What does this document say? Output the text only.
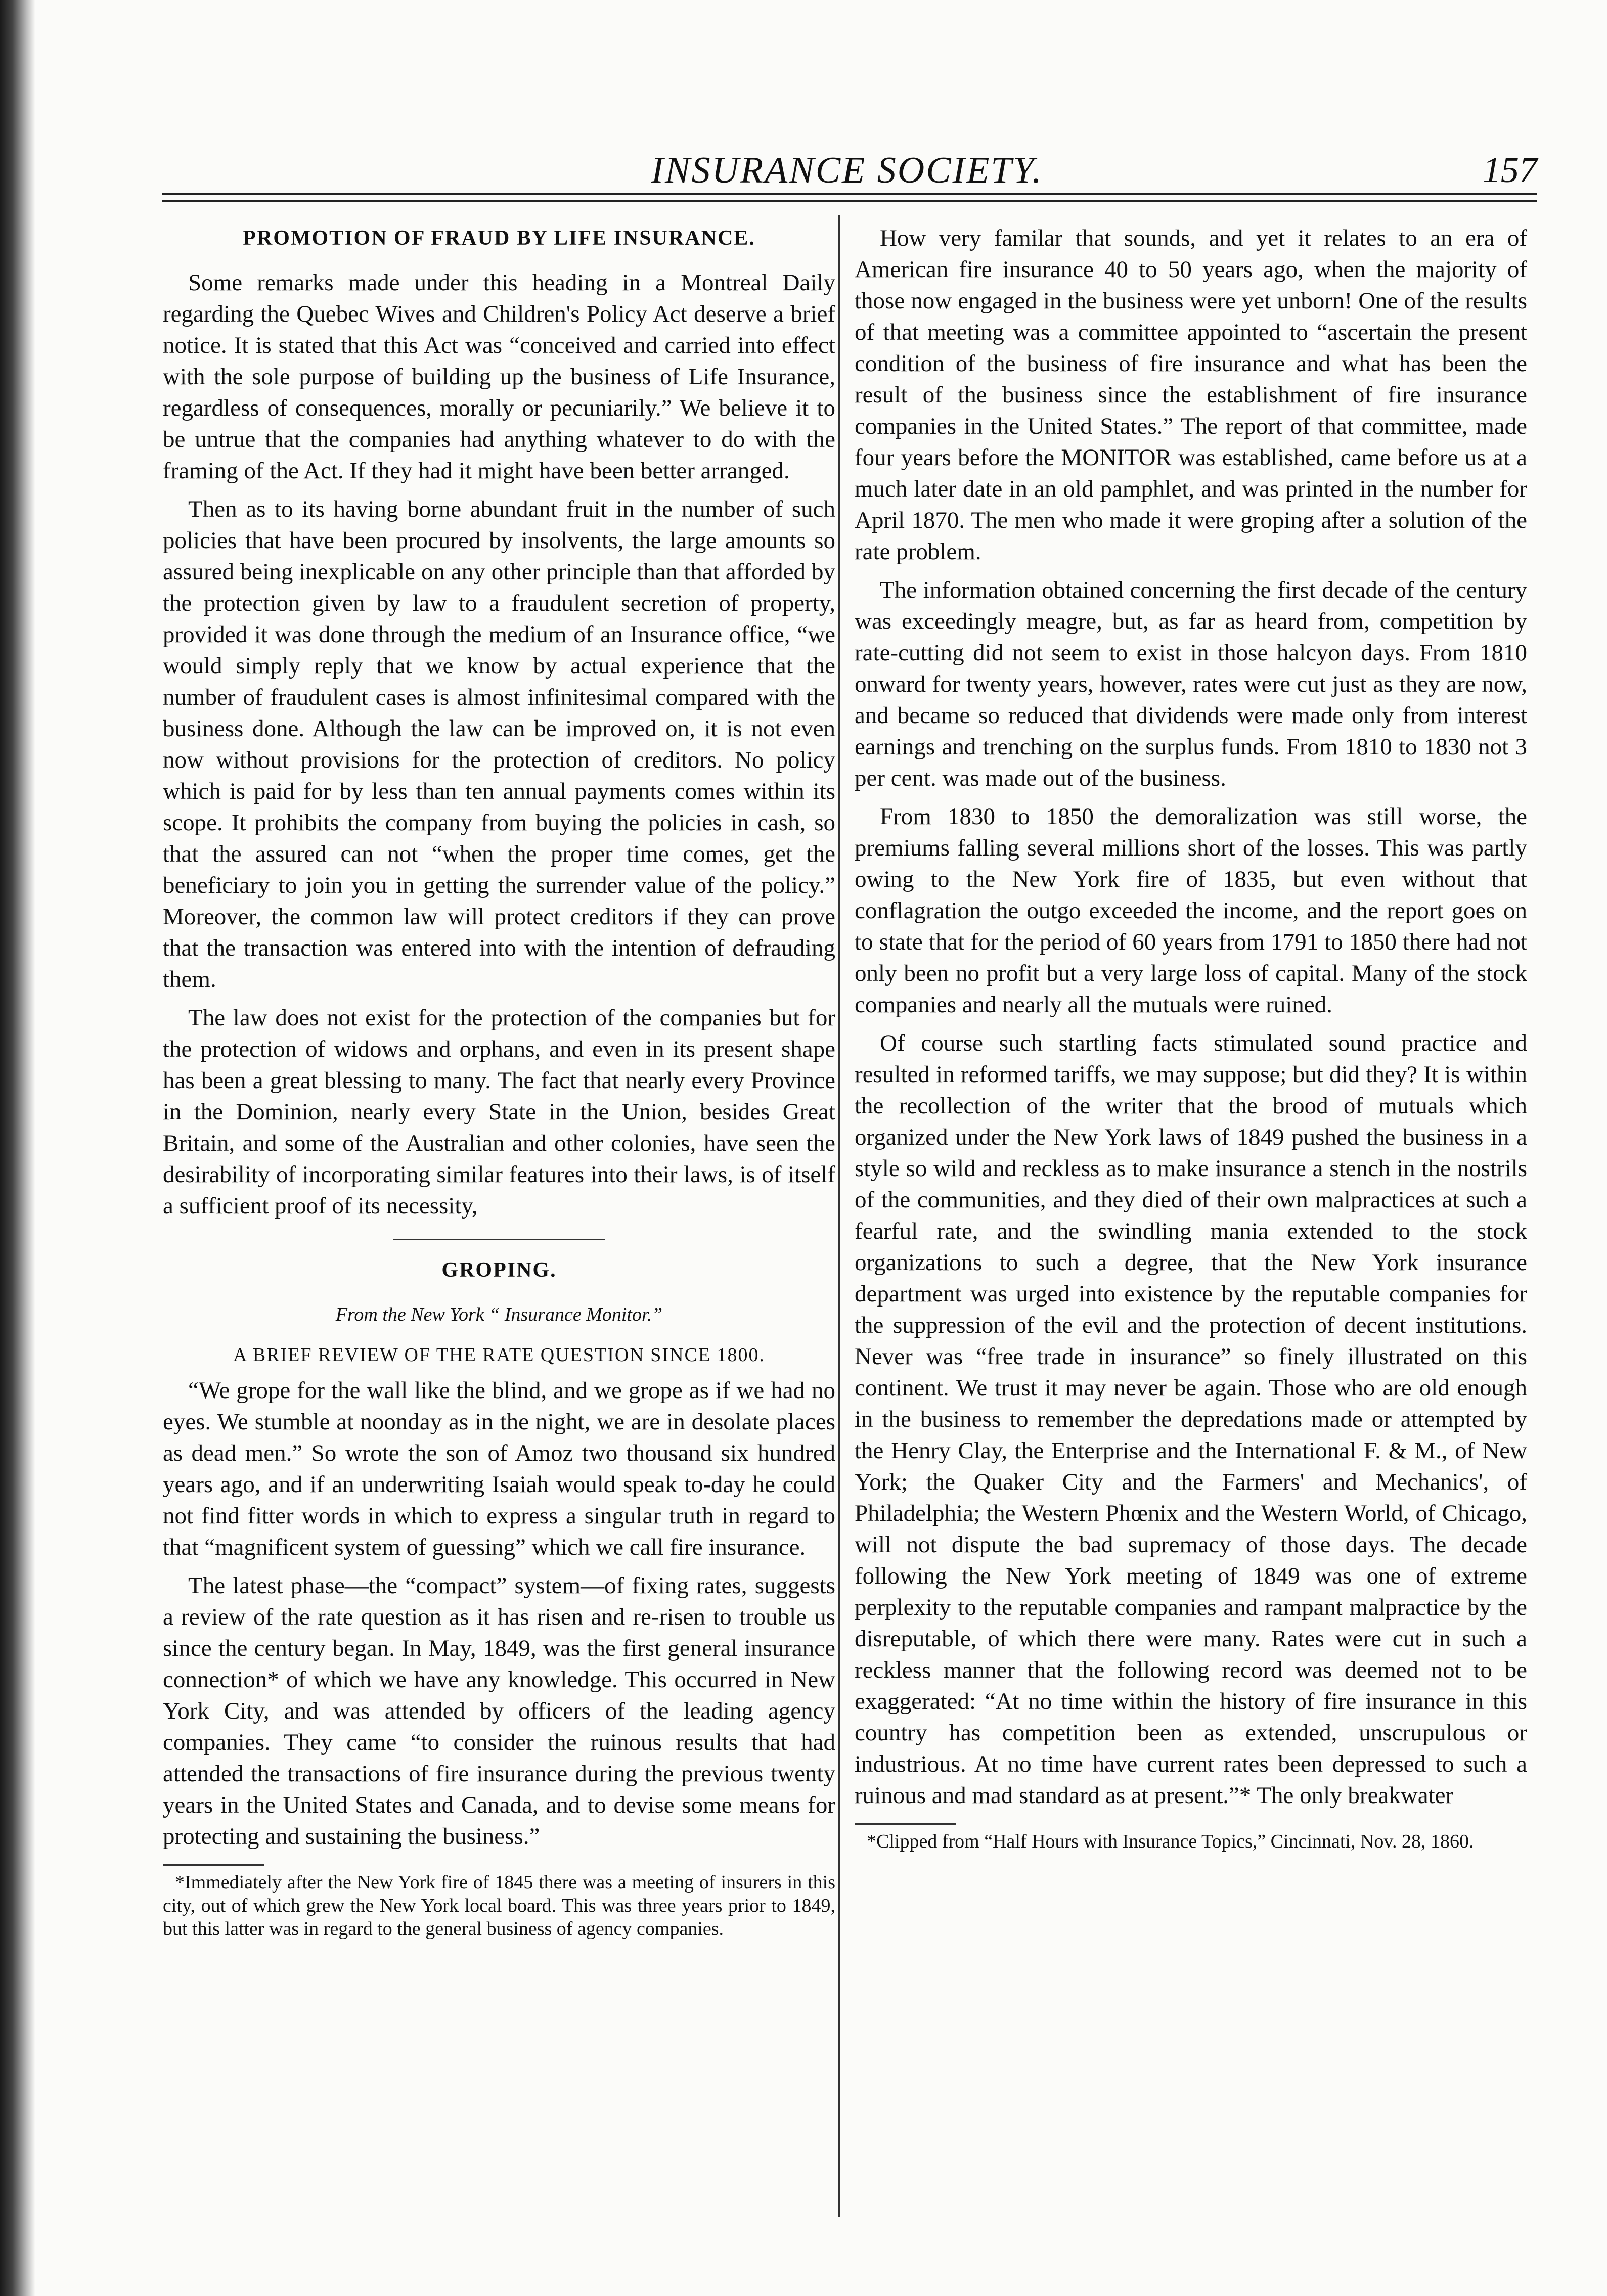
INSURANCE SOCIETY.	157
PROMOTION OF FRAUD BY LIFE INSURANCE.

Some remarks made under this heading in a Montreal Daily regarding the Quebec Wives and Children's Policy Act deserve a brief notice. It is stated that this Act was “conceived and carried into effect with the sole purpose of building up the business of Life Insurance, regardless of consequences, morally or pecuniarily.” We believe it to be untrue that the companies had anything whatever to do with the framing of the Act. If they had it might have been better arranged.

Then as to its having borne abundant fruit in the number of such policies that have been procured by insolvents, the large amounts so assured being inexplicable on any other principle than that afforded by the protection given by law to a fraudulent secretion of property, provided it was done through the medium of an Insurance office, “we would simply reply that we know by actual experience that the number of fraudulent cases is almost infinitesimal compared with the business done. Although the law can be improved on, it is not even now without provisions for the protection of creditors. No policy which is paid for by less than ten annual payments comes within its scope. It prohibits the company from buying the policies in cash, so that the assured can not “when the proper time comes, get the beneficiary to join you in getting the surrender value of the policy.” Moreover, the common law will protect creditors if they can prove that the transaction was entered into with the intention of defrauding them.

The law does not exist for the protection of the companies but for the protection of widows and orphans, and even in its present shape has been a great blessing to many. The fact that nearly every Province in the Dominion, nearly every State in the Union, besides Great Britain, and some of the Australian and other colonies, have seen the desirability of incorporating similar features into their laws, is of itself a sufficient proof of its necessity,

GROPING.
From the New York “ Insurance Monitor.”
A BRIEF REVIEW OF THE RATE QUESTION SINCE 1800.

“We grope for the wall like the blind, and we grope as if we had no eyes. We stumble at noonday as in the night, we are in desolate places as dead men.” So wrote the son of Amoz two thousand six hundred years ago, and if an underwriting Isaiah would speak to-day he could not find fitter words in which to express a singular truth in regard to that “magnificent system of guessing” which we call fire insurance.

The latest phase—the “compact” system—of fixing rates, suggests a review of the rate question as it has risen and re-risen to trouble us since the century began. In May, 1849, was the first general insurance connection* of which we have any knowledge. This occurred in New York City, and was attended by officers of the leading agency companies. They came “to consider the ruinous results that had attended the transactions of fire insurance during the previous twenty years in the United States and Canada, and to devise some means for protecting and sustaining the business.”

*Immediately after the New York fire of 1845 there was a meeting of insurers in this city, out of which grew the New York local board. This was three years prior to 1849, but this latter was in regard to the general business of agency companies.

How very familar that sounds, and yet it relates to an era of American fire insurance 40 to 50 years ago, when the majority of those now engaged in the business were yet unborn! One of the results of that meeting was a committee appointed to “ascertain the present condition of the business of fire insurance and what has been the result of the business since the establishment of fire insurance companies in the United States.” The report of that committee, made four years before the MONITOR was established, came before us at a much later date in an old pamphlet, and was printed in the number for April 1870. The men who made it were groping after a solution of the rate problem.

The information obtained concerning the first decade of the century was exceedingly meagre, but, as far as heard from, competition by rate-cutting did not seem to exist in those halcyon days. From 1810 onward for twenty years, however, rates were cut just as they are now, and became so reduced that dividends were made only from interest earnings and trenching on the surplus funds. From 1810 to 1830 not 3 per cent. was made out of the business.

From 1830 to 1850 the demoralization was still worse, the premiums falling several millions short of the losses. This was partly owing to the New York fire of 1835, but even without that conflagration the outgo exceeded the income, and the report goes on to state that for the period of 60 years from 1791 to 1850 there had not only been no profit but a very large loss of capital. Many of the stock companies and nearly all the mutuals were ruined.

Of course such startling facts stimulated sound practice and resulted in reformed tariffs, we may suppose; but did they? It is within the recollection of the writer that the brood of mutuals which organized under the New York laws of 1849 pushed the business in a style so wild and reckless as to make insurance a stench in the nostrils of the communities, and they died of their own malpractices at such a fearful rate, and the swindling mania extended to the stock organizations to such a degree, that the New York insurance department was urged into existence by the reputable companies for the suppression of the evil and the protection of decent institutions. Never was “free trade in insurance” so finely illustrated on this continent. We trust it may never be again. Those who are old enough in the business to remember the depredations made or attempted by the Henry Clay, the Enterprise and the International F. & M., of New York; the Quaker City and the Farmers' and Mechanics', of Philadelphia; the Western Phœnix and the Western World, of Chicago, will not dispute the bad supremacy of those days. The decade following the New York meeting of 1849 was one of extreme perplexity to the reputable companies and rampant malpractice by the disreputable, of which there were many. Rates were cut in such a reckless manner that the following record was deemed not to be exaggerated: “At no time within the history of fire insurance in this country has competition been as extended, unscrupulous or industrious. At no time have current rates been depressed to such a ruinous and mad standard as at present.”* The only breakwater

*Clipped from “Half Hours with Insurance Topics,” Cincinnati, Nov. 28, 1860.
